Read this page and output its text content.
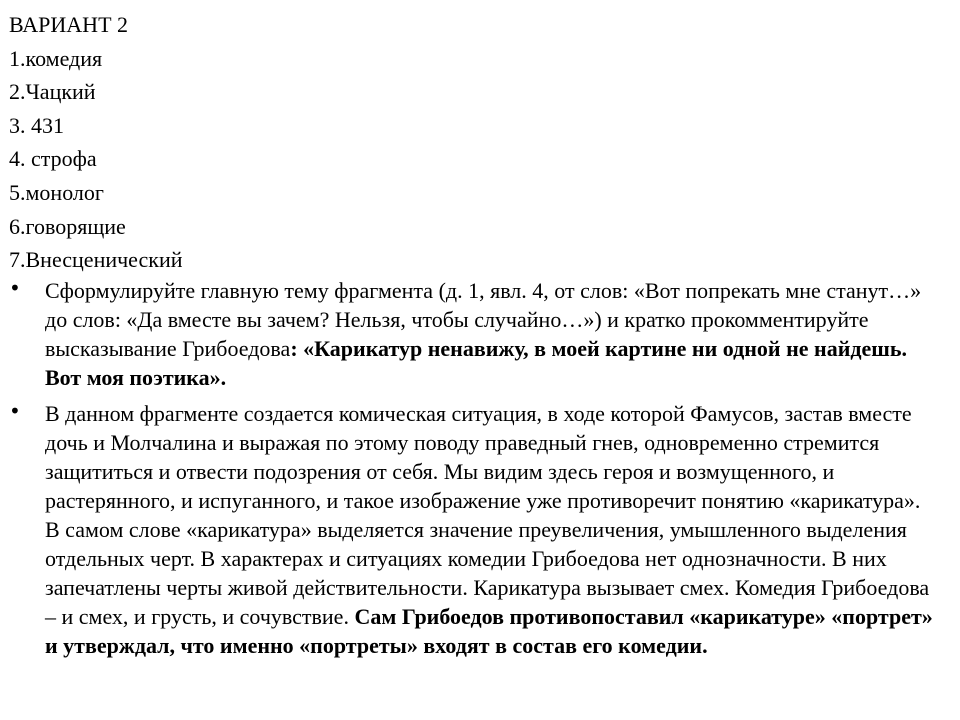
ВАРИАНТ 2
1.комедия
2.Чацкий
3. 431
4. строфа
5.монолог
6.говорящие
7.Внесценический
• Сформулируйте главную тему фрагмента (д. 1, явл. 4, от слов: «Вот попрекать мне станут…» до слов: «Да вместе вы зачем? Нельзя, чтобы случайно…») и кратко прокомментируйте высказывание Грибоедова: «Карикатур ненавижу, в моей картине ни одной не найдешь. Вот моя поэтика».
• В данном фрагменте создается комическая ситуация, в ходе которой Фамусов, застав вместе дочь и Молчалина и выражая по этому поводу праведный гнев, одновременно стремится защититься и отвести подозрения от себя. Мы видим здесь героя и возмущенного, и растерянного, и испуганного, и такое изображение уже противоречит понятию «карикатура». В самом слове «карикатура» выделяется значение преувеличения, умышленного выделения отдельных черт. В характерах и ситуациях комедии Грибоедова нет однозначности. В них запечатлены черты живой действительности. Карикатура вызывает смех. Комедия Грибоедова – и смех, и грусть, и сочувствие. Сам Грибоедов противопоставил «карикатуре» «портрет» и утверждал, что именно «портреты» входят в состав его комедии.
